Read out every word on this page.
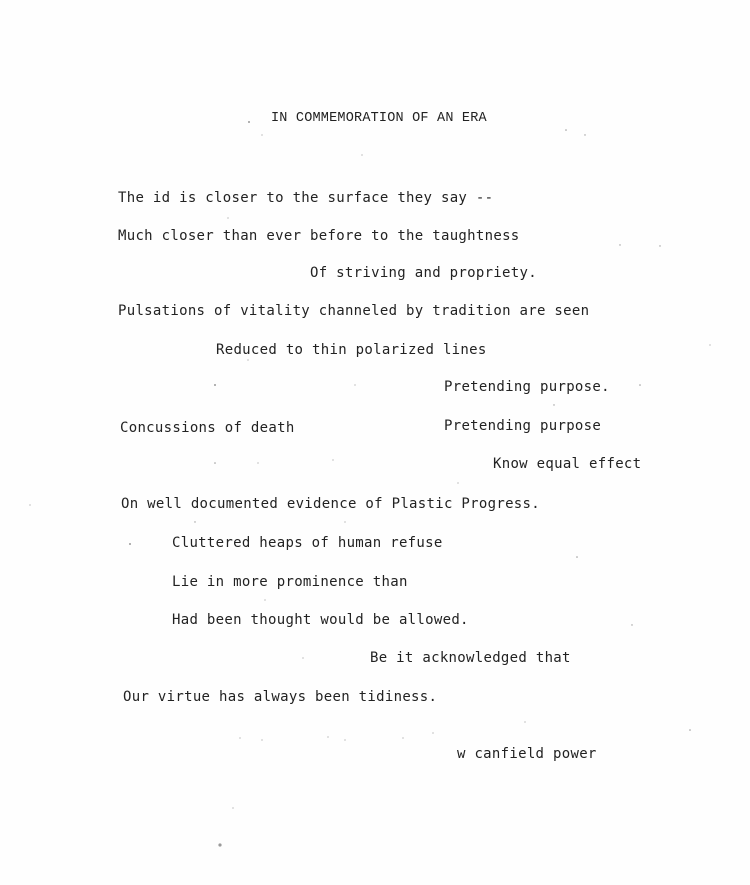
IN COMMEMORATION OF AN ERA
The id is closer to the surface they say --
Much closer than ever before to the taughtness
Of striving and propriety.
Pulsations of vitality channeled by tradition are seen
Reduced to thin polarized lines
Pretending purpose.
Concussions of death	Pretending purpose
Know equal effect
On well documented evidence of Plastic Progress.
Cluttered heaps of human refuse
Lie in more prominence than
Had been thought would be allowed.
Be it acknowledged that
Our virtue has always been tidiness.
w canfield power
